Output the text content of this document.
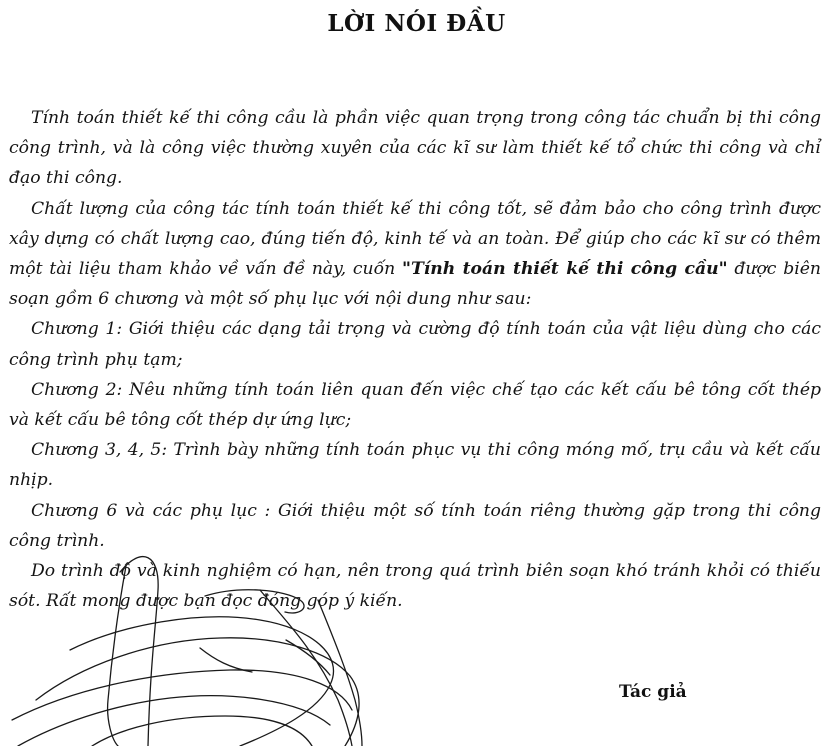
LỜI NÓI ĐẦU

Tính toán thiết kế thi công cầu là phần việc quan trọng trong công tác chuẩn bị thi công công trình, và là công việc thường xuyên của các kĩ sư làm thiết kế tổ chức thi công và chỉ đạo thi công.

Chất lượng của công tác tính toán thiết kế thi công tốt, sẽ đảm bảo cho công trình được xây dựng có chất lượng cao, đúng tiến độ, kinh tế và an toàn. Để giúp cho các kĩ sư có thêm một tài liệu tham khảo về vấn đề này, cuốn "Tính toán thiết kế thi công cầu" được biên soạn gồm 6 chương và một số phụ lục với nội dung như sau:

Chương 1: Giới thiệu các dạng tải trọng và cường độ tính toán của vật liệu dùng cho các công trình phụ tạm;

Chương 2: Nêu những tính toán liên quan đến việc chế tạo các kết cấu bê tông cốt thép và kết cấu bê tông cốt thép dự ứng lực;

Chương 3, 4, 5: Trình bày những tính toán phục vụ thi công móng mố, trụ cầu và kết cấu nhịp.

Chương 6 và các phụ lục : Giới thiệu một số tính toán riêng thường gặp trong thi công công trình.

Do trình độ và kinh nghiệm có hạn, nên trong quá trình biên soạn khó tránh khỏi có thiếu sót. Rất mong được bạn đọc đóng góp ý kiến.

Tác giả
